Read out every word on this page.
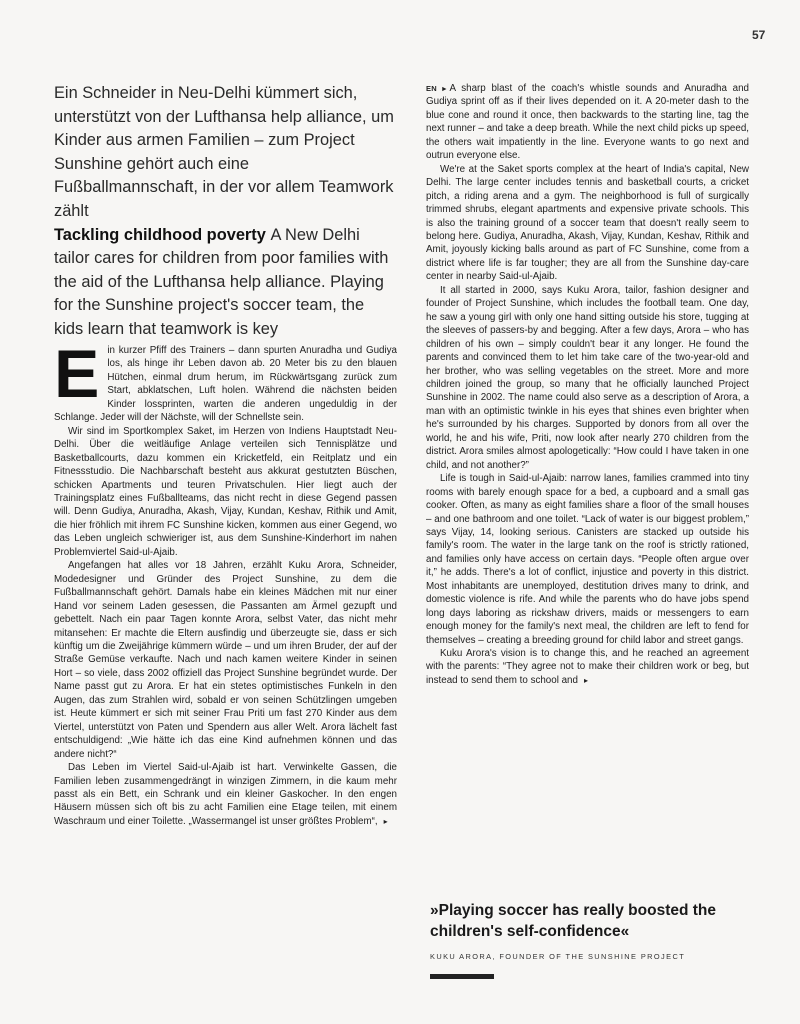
57

Ein Schneider in Neu-Delhi kümmert sich, unterstützt von der Lufthansa help alliance, um Kinder aus armen Familien – zum Project Sunshine gehört auch eine Fußballmannschaft, in der vor allem Teamwork zählt

Tackling childhood poverty A New Delhi tailor cares for children from poor families with the aid of the Lufthansa help alliance. Playing for the Sunshine project's soccer team, the kids learn that teamwork is key

Ein kurzer Pfiff des Trainers – dann spurten Anuradha und Gudiya los, als hinge ihr Leben davon ab. 20 Meter bis zu den blauen Hütchen, einmal drum herum, im Rückwärtsgang zurück zum Start, abklatschen, Luft holen. Während die nächsten beiden Kinder lossprinten, warten die anderen ungeduldig in der Schlange. Jeder will der Nächste, will der Schnellste sein.

Wir sind im Sportkomplex Saket, im Herzen von Indiens Hauptstadt Neu-Delhi. Über die weitläufige Anlage verteilen sich Tennisplätze und Basketballcourts, dazu kommen ein Kricketfeld, ein Reitplatz und ein Fitnessstudio. Die Nachbarschaft besteht aus akkurat gestutzten Büschen, schicken Apartments und teuren Privatschulen. Hier liegt auch der Trainingsplatz eines Fußballteams, das nicht recht in diese Gegend passen will. Denn Gudiya, Anuradha, Akash, Vijay, Kundan, Keshav, Rithik und Amit, die hier fröhlich mit ihrem FC Sunshine kicken, kommen aus einer Gegend, wo das Leben ungleich schwieriger ist, aus dem Sunshine-Kinderhort im nahen Problemviertel Said-ul-Ajaib.

Angefangen hat alles vor 18 Jahren, erzählt Kuku Arora, Schneider, Modedesigner und Gründer des Project Sunshine, zu dem die Fußballmannschaft gehört. Damals habe ein kleines Mädchen mit nur einer Hand vor seinem Laden gesessen, die Passanten am Ärmel gezupft und gebettelt. Nach ein paar Tagen konnte Arora, selbst Vater, das nicht mehr mitansehen: Er machte die Eltern ausfindig und überzeugte sie, dass er sich künftig um die Zweijährige kümmern würde – und um ihren Bruder, der auf der Straße Gemüse verkaufte. Nach und nach kamen weitere Kinder in seinen Hort – so viele, dass 2002 offiziell das Project Sunshine begründet wurde. Der Name passt gut zu Arora. Er hat ein stetes optimistisches Funkeln in den Augen, das zum Strahlen wird, sobald er von seinen Schützlingen umgeben ist. Heute kümmert er sich mit seiner Frau Priti um fast 270 Kinder aus dem Viertel, unterstützt von Paten und Spendern aus aller Welt. Arora lächelt fast entschuldigend: „Wie hätte ich das eine Kind aufnehmen können und das andere nicht?“

Das Leben im Viertel Said-ul-Ajaib ist hart. Verwinkelte Gassen, die Familien leben zusammengedrängt in winzigen Zimmern, in die kaum mehr passt als ein Bett, ein Schrank und ein kleiner Gaskocher. In den engen Häusern müssen sich oft bis zu acht Familien eine Etage teilen, mit einem Waschraum und einer Toilette. „Wassermangel ist unser größtes Problem“, ▸

EN ▸ A sharp blast of the coach's whistle sounds and Anuradha and Gudiya sprint off as if their lives depended on it. A 20-meter dash to the blue cone and round it once, then backwards to the starting line, tag the next runner – and take a deep breath. While the next child picks up speed, the others wait impatiently in the line. Everyone wants to go next and outrun everyone else.

We're at the Saket sports complex at the heart of India's capital, New Delhi. The large center includes tennis and basketball courts, a cricket pitch, a riding arena and a gym. The neighborhood is full of surgically trimmed shrubs, elegant apartments and expensive private schools. This is also the training ground of a soccer team that doesn't really seem to belong here. Gudiya, Anuradha, Akash, Vijay, Kundan, Keshav, Rithik and Amit, joyously kicking balls around as part of FC Sunshine, come from a district where life is far tougher; they are all from the Sunshine day-care center in nearby Said-ul-Ajaib.

It all started in 2000, says Kuku Arora, tailor, fashion designer and founder of Project Sunshine, which includes the football team. One day, he saw a young girl with only one hand sitting outside his store, tugging at the sleeves of passers-by and begging. After a few days, Arora – who has children of his own – simply couldn't bear it any longer. He found the parents and convinced them to let him take care of the two-year-old and her brother, who was selling vegetables on the street. More and more children joined the group, so many that he officially launched Project Sunshine in 2002. The name could also serve as a description of Arora, a man with an optimistic twinkle in his eyes that shines even brighter when he's surrounded by his charges. Supported by donors from all over the world, he and his wife, Priti, now look after nearly 270 children from the district. Arora smiles almost apologetically: “How could I have taken in one child, and not another?”

Life is tough in Said-ul-Ajaib: narrow lanes, families crammed into tiny rooms with barely enough space for a bed, a cupboard and a small gas cooker. Often, as many as eight families share a floor of the small houses – and one bathroom and one toilet. “Lack of water is our biggest problem,” says Vijay, 14, looking serious. Canisters are stacked up outside his family's room. The water in the large tank on the roof is strictly rationed, and families only have access on certain days. “People often argue over it,” he adds. There's a lot of conflict, injustice and poverty in this district. Most inhabitants are unemployed, destitution drives many to drink, and domestic violence is rife. And while the parents who do have jobs spend long days laboring as rickshaw drivers, maids or messengers to earn enough money for the family's next meal, the children are left to fend for themselves – creating a breeding ground for child labor and street gangs.

Kuku Arora's vision is to change this, and he reached an agreement with the parents: “They agree not to make their children work or beg, but instead to send them to school and ▸

»Playing soccer has really boosted the children's self-confidence«

KUKU ARORA, FOUNDER OF THE SUNSHINE PROJECT
